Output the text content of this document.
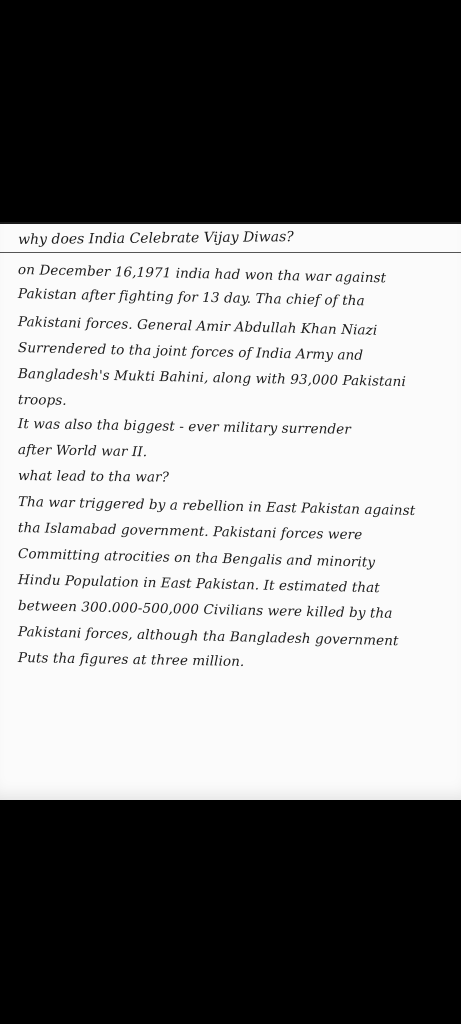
why does India Celebrate Vijay Diwas?
on December 16,1971 india had won tha war against
Pakistan after fighting for 13 day. Tha chief of tha
Pakistani forces. General Amir Abdullah Khan Niazi
Surrendered to tha joint forces of India Army and
Bangladesh's Mukti Bahini, along with 93,000 Pakistani
troops.
It was also tha biggest - ever military surrender
after World war II.
what lead to tha war?
Tha war triggered by a rebellion in East Pakistan against
tha Islamabad government. Pakistani forces were
Committing atrocities on tha Bengalis and minority
Hindu Population in East Pakistan. It estimated that
between 300.000-500,000 Civilians were killed by tha
Pakistani forces, although tha Bangladesh government
Puts tha figures at three million.
